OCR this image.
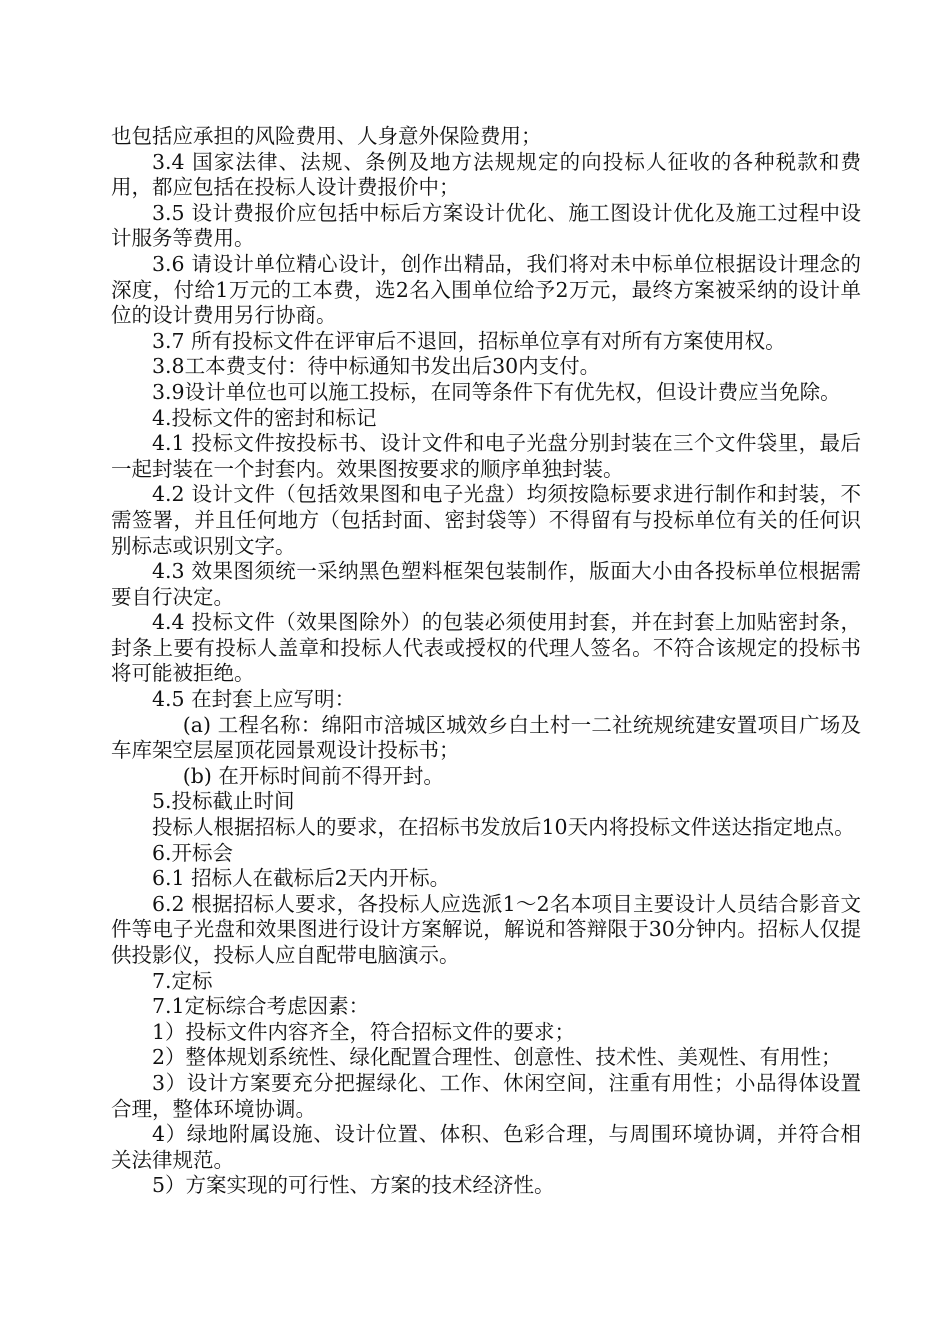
也包括应承担的风险费用、人身意外保险费用；

3.4 国家法律、法规、条例及地方法规规定的向投标人征收的各种税款和费用，都应包括在投标人设计费报价中；

3.5 设计费报价应包括中标后方案设计优化、施工图设计优化及施工过程中设计服务等费用。

3.6 请设计单位精心设计，创作出精品，我们将对未中标单位根据设计理念的深度，付给1万元的工本费，选2名入围单位给予2万元，最终方案被采纳的设计单位的设计费用另行协商。

3.7 所有投标文件在评审后不退回，招标单位享有对所有方案使用权。

3.8工本费支付：待中标通知书发出后30内支付。

3.9设计单位也可以施工投标，在同等条件下有优先权，但设计费应当免除。

4.投标文件的密封和标记

4.1 投标文件按投标书、设计文件和电子光盘分别封装在三个文件袋里，最后一起封装在一个封套内。效果图按要求的顺序单独封装。

4.2 设计文件（包括效果图和电子光盘）均须按隐标要求进行制作和封装，不需签署，并且任何地方（包括封面、密封袋等）不得留有与投标单位有关的任何识别标志或识别文字。

4.3 效果图须统一采纳黑色塑料框架包装制作，版面大小由各投标单位根据需要自行决定。

4.4 投标文件（效果图除外）的包装必须使用封套，并在封套上加贴密封条，封条上要有投标人盖章和投标人代表或授权的代理人签名。不符合该规定的投标书将可能被拒绝。

4.5 在封套上应写明：

(a) 工程名称：绵阳市涪城区城效乡白土村一二社统规统建安置项目广场及车库架空层屋顶花园景观设计投标书；

(b) 在开标时间前不得开封。

5.投标截止时间

投标人根据招标人的要求，在招标书发放后10天内将投标文件送达指定地点。

6.开标会

6.1 招标人在截标后2天内开标。

6.2 根据招标人要求，各投标人应选派1～2名本项目主要设计人员结合影音文件等电子光盘和效果图进行设计方案解说，解说和答辩限于30分钟内。招标人仅提供投影仪，投标人应自配带电脑演示。

7.定标

7.1定标综合考虑因素：

1）投标文件内容齐全，符合招标文件的要求；

2）整体规划系统性、绿化配置合理性、创意性、技术性、美观性、有用性；

3）设计方案要充分把握绿化、工作、休闲空间，注重有用性；小品得体设置合理，整体环境协调。

4）绿地附属设施、设计位置、体积、色彩合理，与周围环境协调，并符合相关法律规范。

5）方案实现的可行性、方案的技术经济性。
